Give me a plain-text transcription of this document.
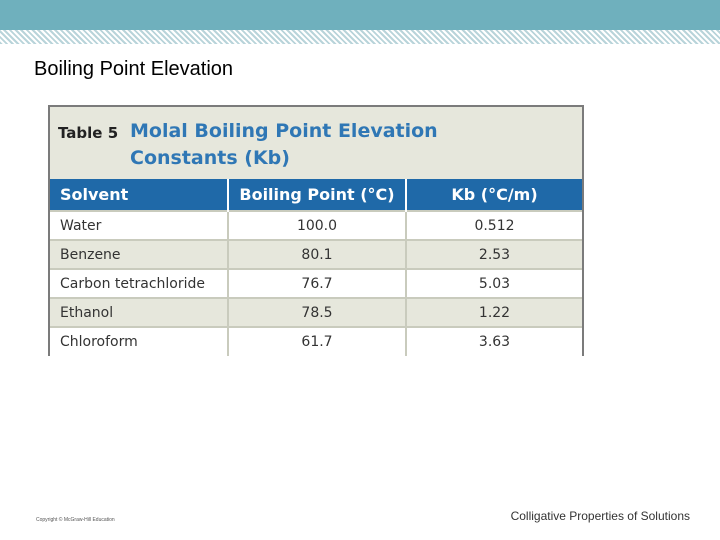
Boiling Point Elevation
Table 5 Molal Boiling Point Elevation
Constants (Kb)
Solvent	Boiling Point (°C)	Kb (°C/m)
Water	100.0	0.512
Benzene	80.1	2.53
Carbon tetrachloride	76.7	5.03
Ethanol	78.5	1.22
Chloroform	61.7	3.63
Copyright © McGraw-Hill Education	Colligative Properties of Solutions
